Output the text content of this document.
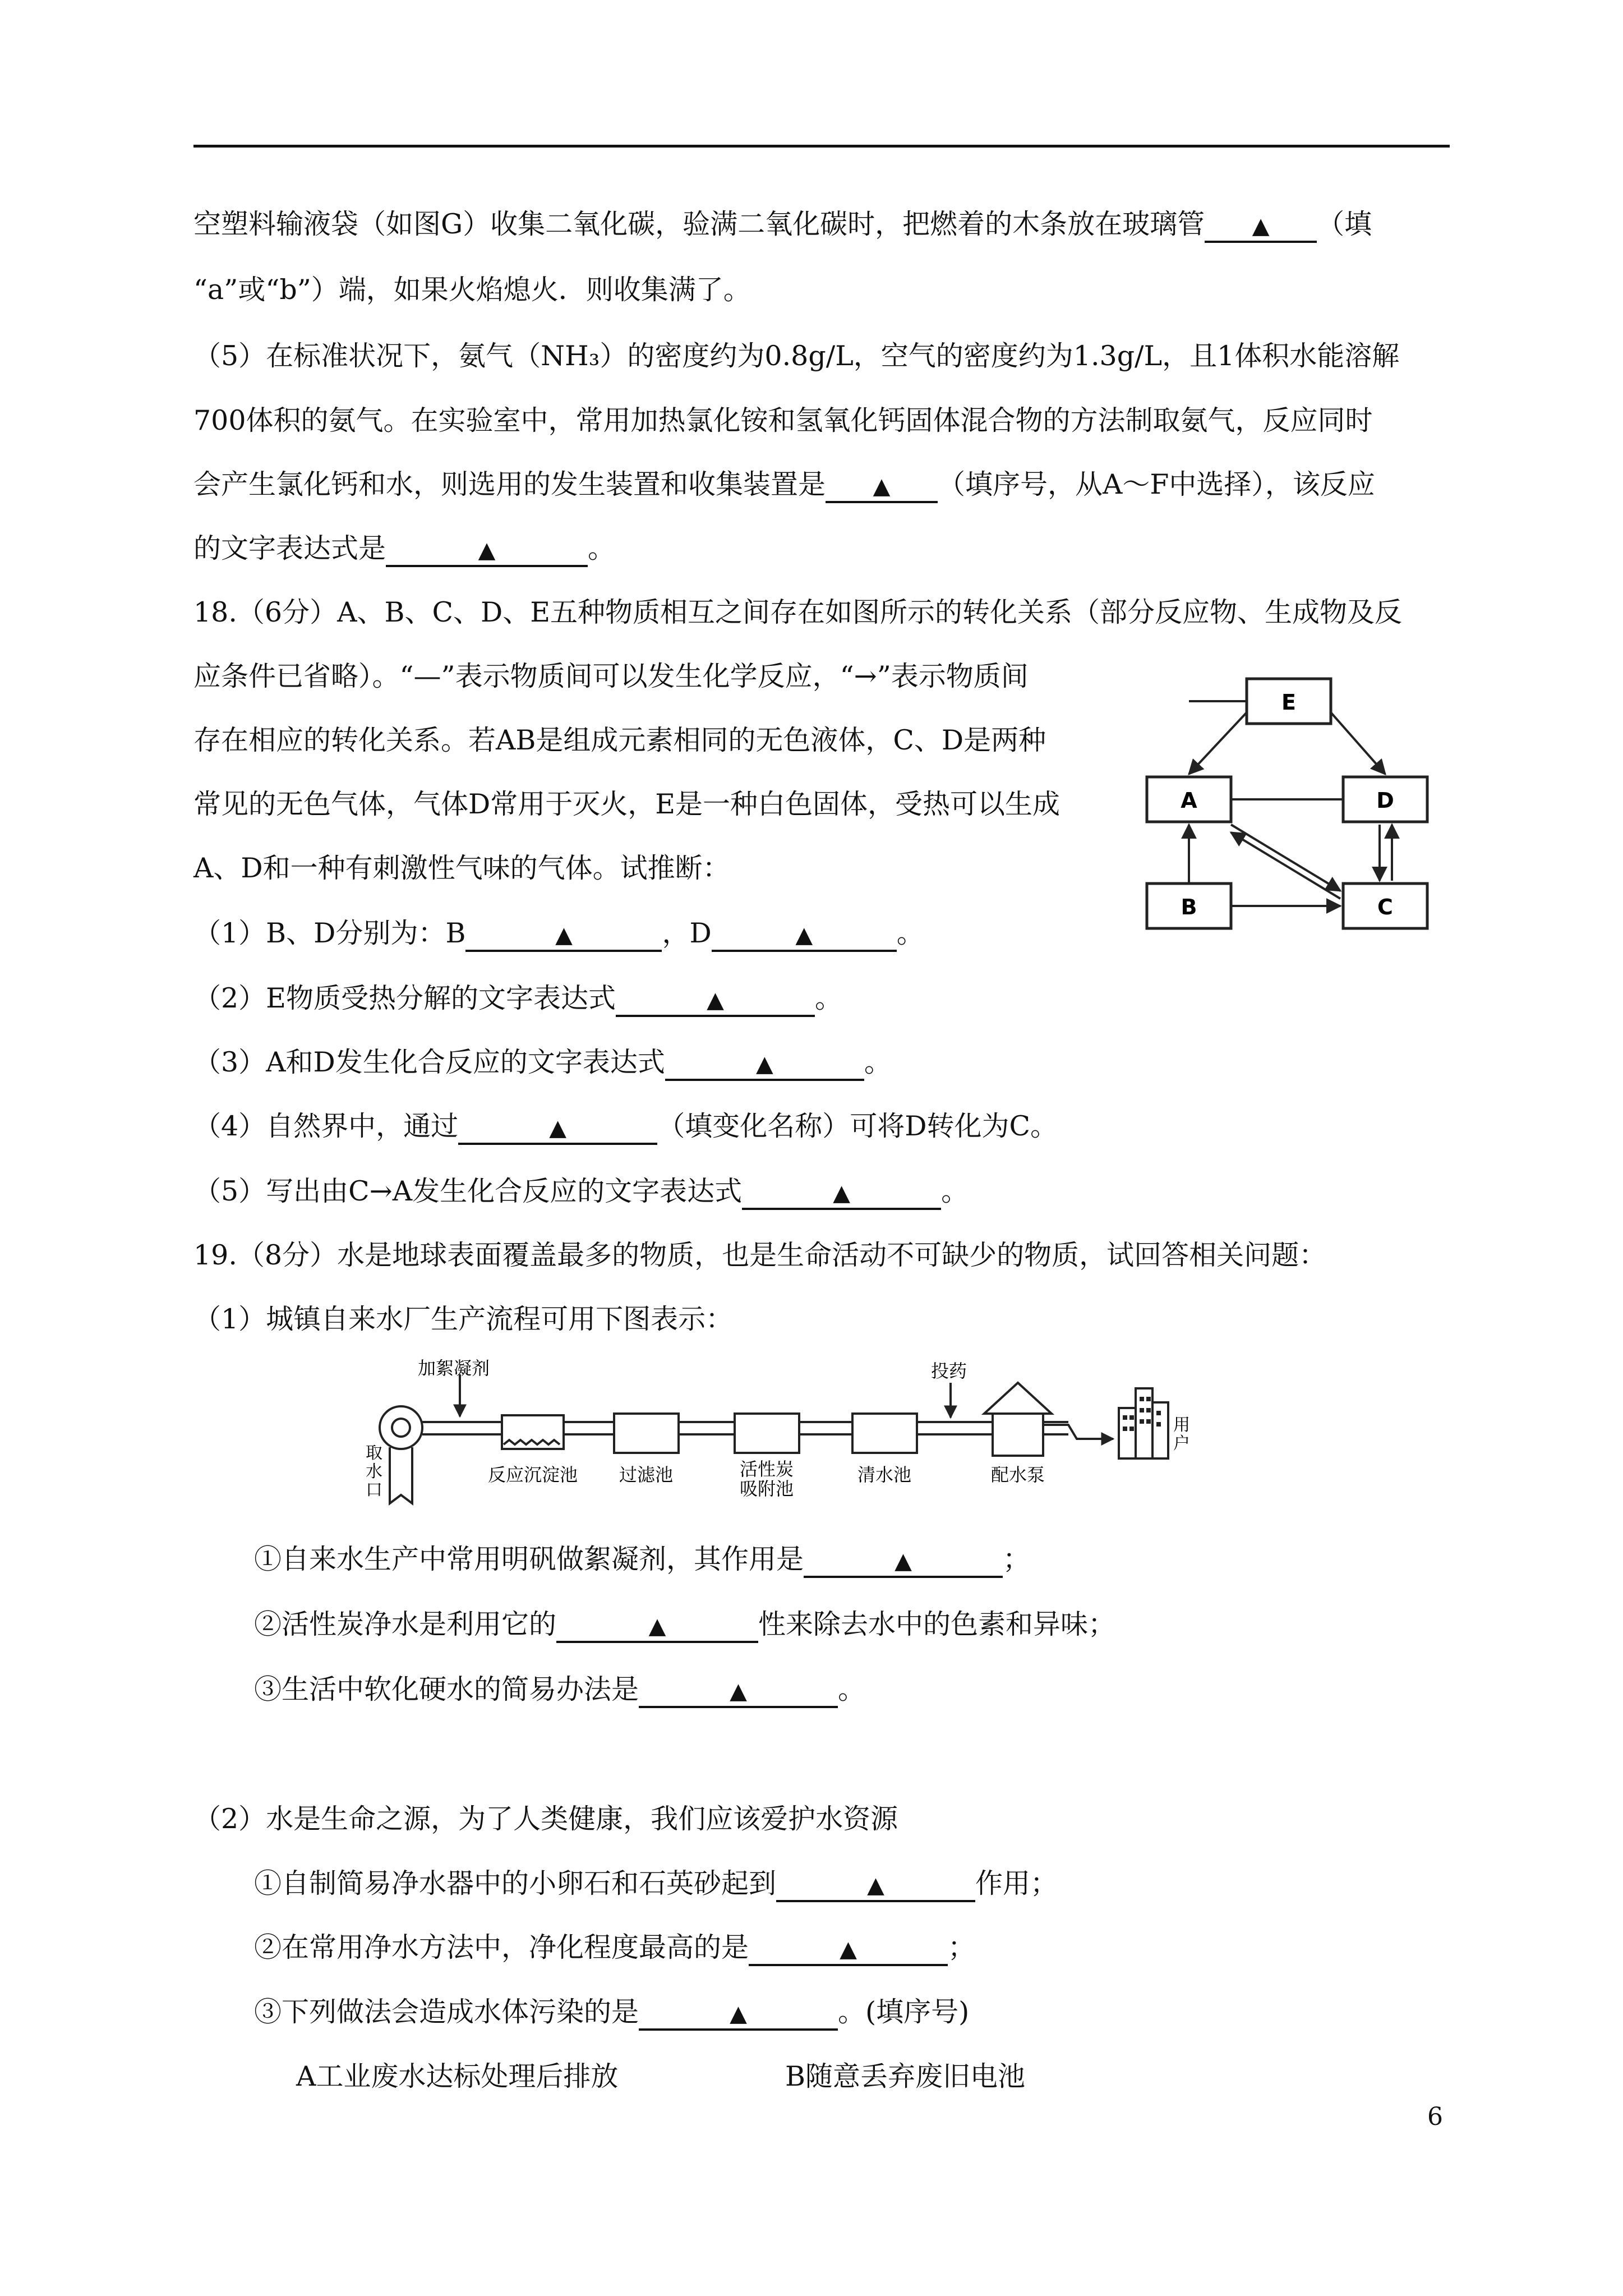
空塑料输液袋（如图G）收集二氧化碳，验满二氧化碳时，把燃着的木条放在玻璃管 ▲ （填
“a”或“b”）端，如果火焰熄火．则收集满了。
（5）在标准状况下，氨气（NH₃）的密度约为0.8g/L，空气的密度约为1.3g/L，且1体积水能溶解
700体积的氨气。在实验室中，常用加热氯化铵和氢氧化钙固体混合物的方法制取氨气，反应同时
会产生氯化钙和水，则选用的发生装置和收集装置是 ▲ （填序号，从A～F中选择），该反应
的文字表达式是	▲	。
18.（6分）A、B、C、D、E五种物质相互之间存在如图所示的转化关系（部分反应物、生成物及反
应条件已省略）。“—”表示物质间可以发生化学反应，“→”表示物质间
存在相应的转化关系。若AB是组成元素相同的无色液体，C、D是两种
常见的无色气体，气体D常用于灭火，E是一种白色固体，受热可以生成
A、D和一种有刺激性气味的气体。试推断：
E
A	D
B	C
（1）B、D分别为：B	▲	，D	▲	。
（2）E物质受热分解的文字表达式	▲	。
（3）A和D发生化合反应的文字表达式	▲	。
（4）自然界中，通过	▲	（填变化名称）可将D转化为C。
（5）写出由C→A发生化合反应的文字表达式	▲	。
19.（8分）水是地球表面覆盖最多的物质，也是生命活动不可缺少的物质，试回答相关问题：
（1）城镇自来水厂生产流程可用下图表示：
加絮凝剂
取
水
口
反应沉淀池 过滤池	活性炭
吸附池
清水池
投药
配水泵
用
户
①自来水生产中常用明矾做絮凝剂，其作用是	▲	；
②活性炭净水是利用它的	▲	性来除去水中的色素和异味；
③生活中软化硬水的简易办法是	▲	。
（2）水是生命之源，为了人类健康，我们应该爱护水资源
①自制简易净水器中的小卵石和石英砂起到	▲	作用；
②在常用净水方法中，净化程度最高的是	▲	；
③下列做法会造成水体污染的是	▲	。(填序号)
A工业废水达标处理后排放	B随意丢弃废旧电池
6
